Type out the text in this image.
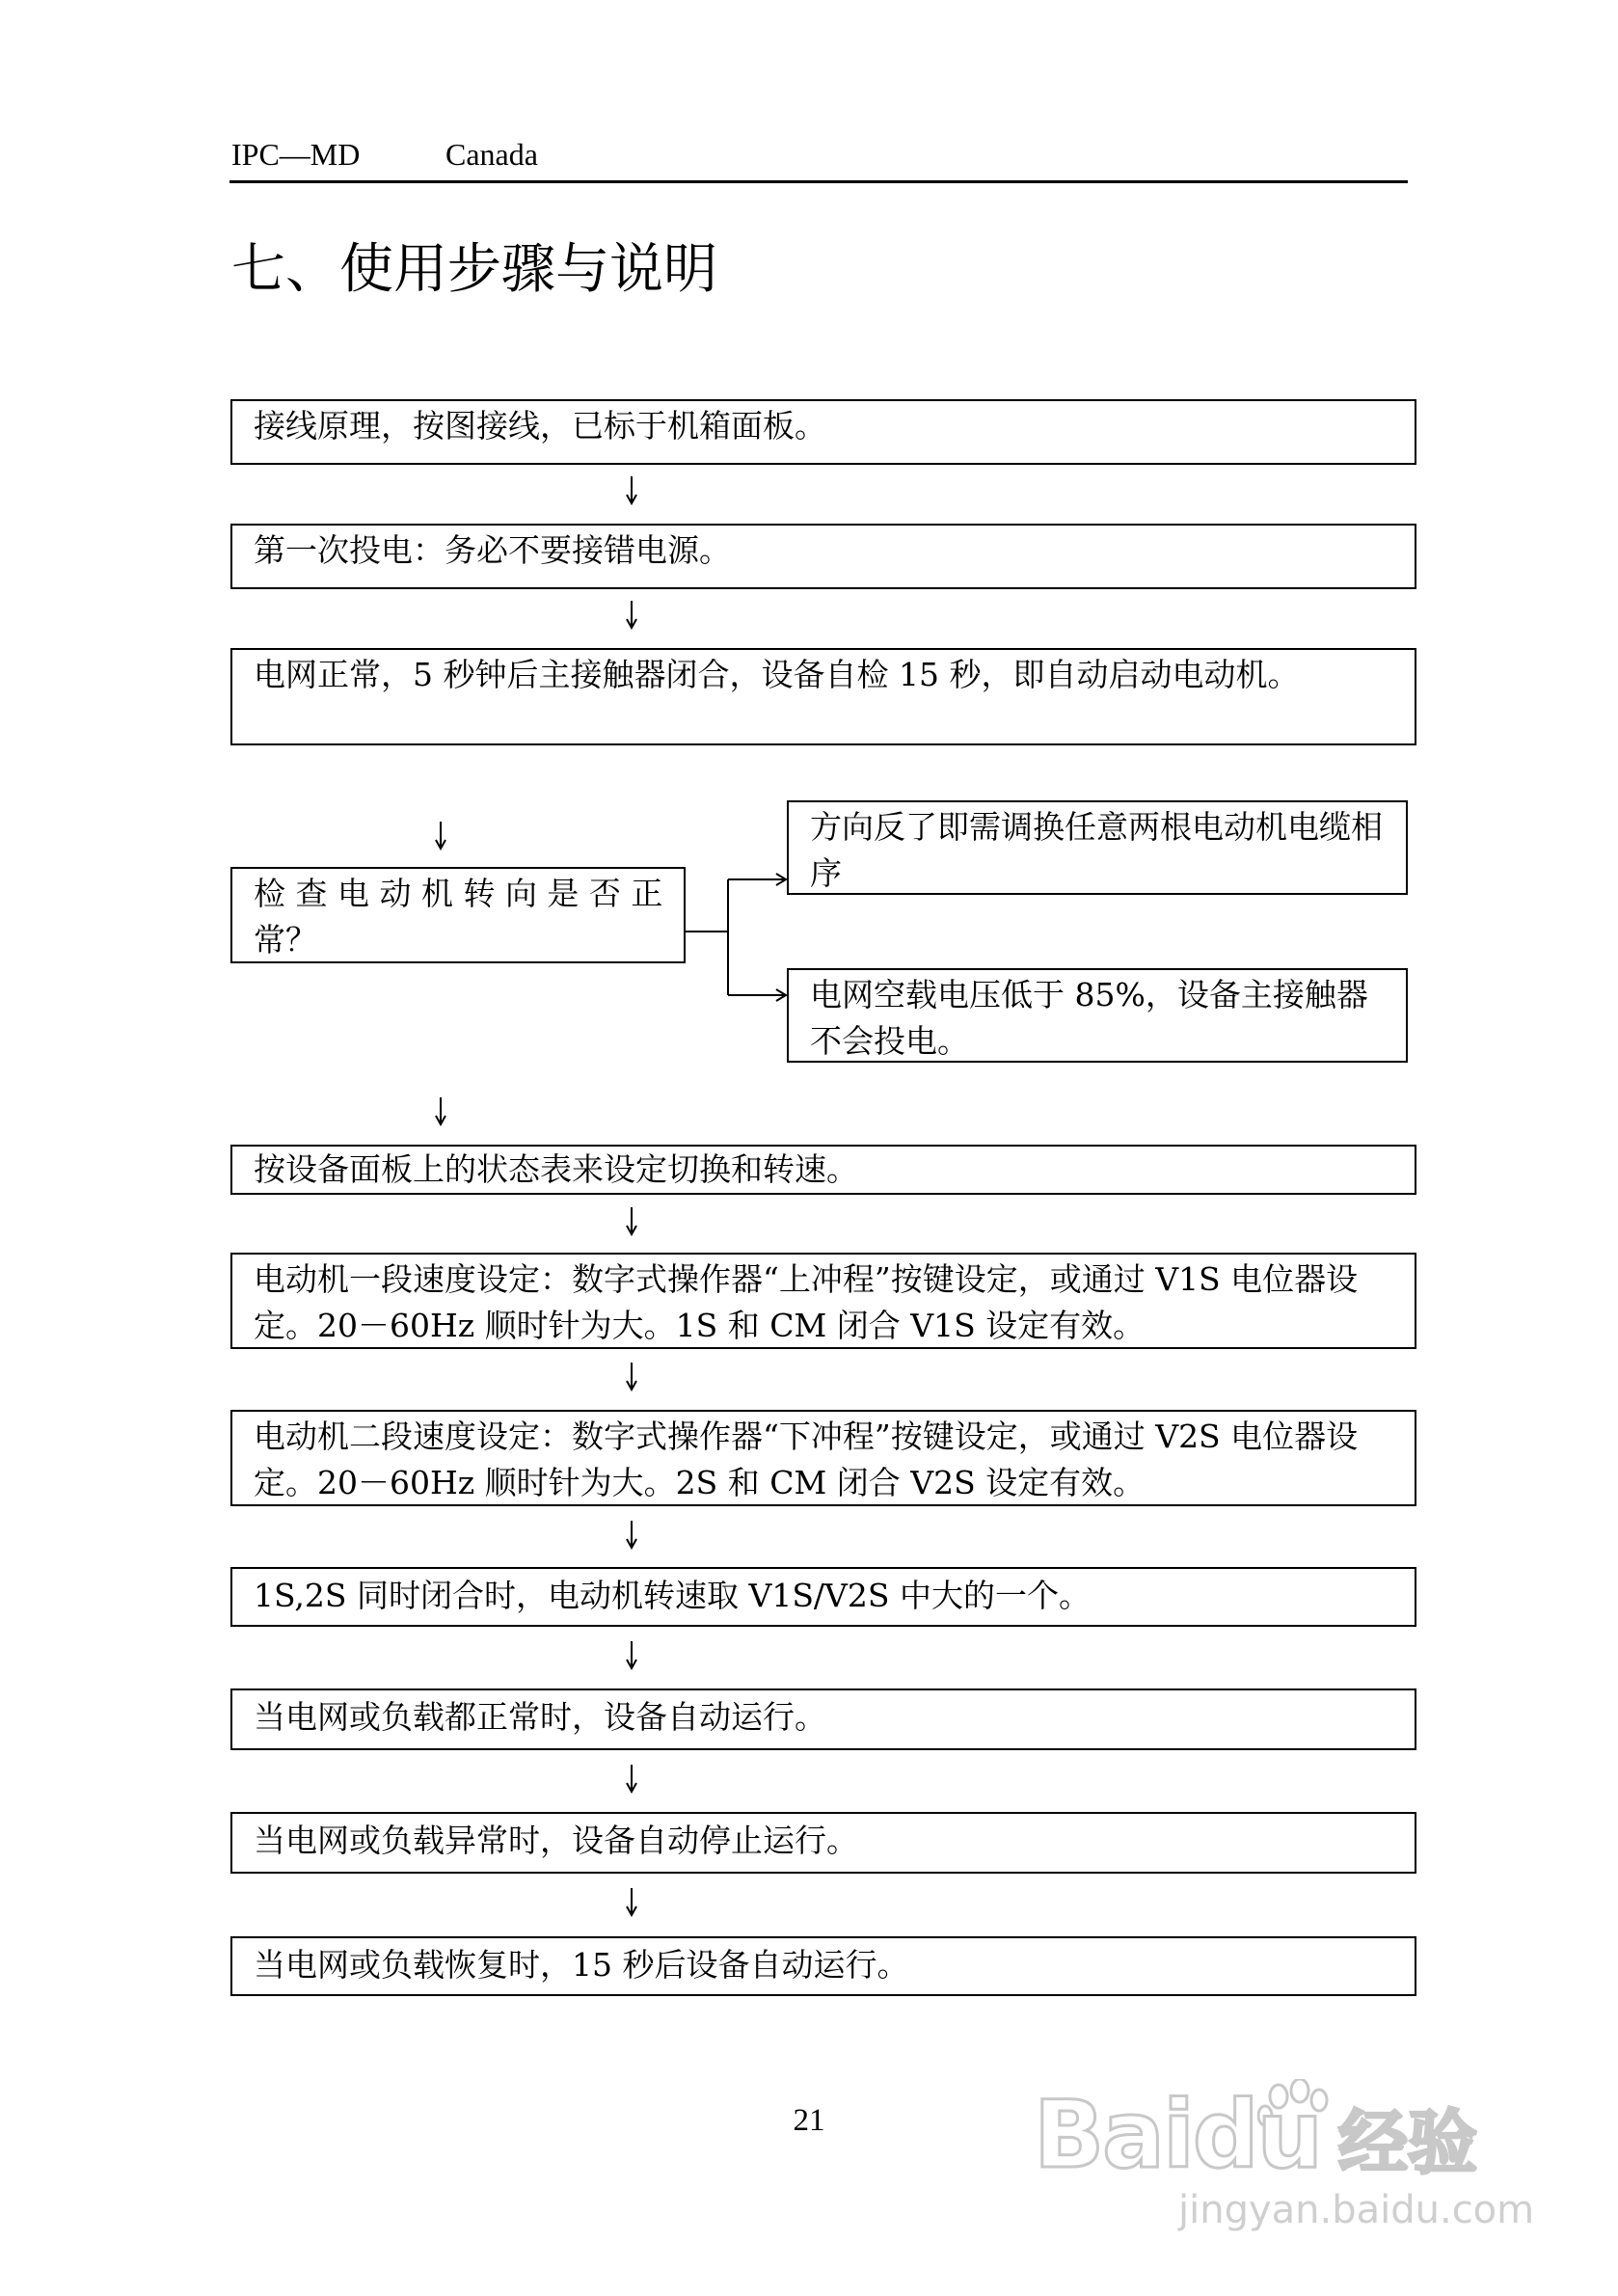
IPC—MD	Canada
七、使用步骤与说明
接线原理，按图接线，已标于机箱面板。
第一次投电：务必不要接错电源。
电网正常，5 秒钟后主接触器闭合，设备自检 15 秒，即自动启动电动机。
检 查 电 动 机 转 向 是 否 正 常？
方向反了即需调换任意两根电动机电缆相序
电网空载电压低于 85%，设备主接触器不会投电。
按设备面板上的状态表来设定切换和转速。
电动机一段速度设定：数字式操作器“上冲程”按键设定，或通过 V1S 电位器设定。20－60Hz 顺时针为大。1S 和 CM 闭合 V1S 设定有效。
电动机二段速度设定：数字式操作器“下冲程”按键设定，或通过 V2S 电位器设定。20－60Hz 顺时针为大。2S 和 CM 闭合 V2S 设定有效。
1S,2S 同时闭合时，电动机转速取 V1S/V2S 中大的一个。
当电网或负载都正常时，设备自动运行。
当电网或负载异常时，设备自动停止运行。
当电网或负载恢复时，15 秒后设备自动运行。
21	Baidu 经验
jingyan.baidu.com
